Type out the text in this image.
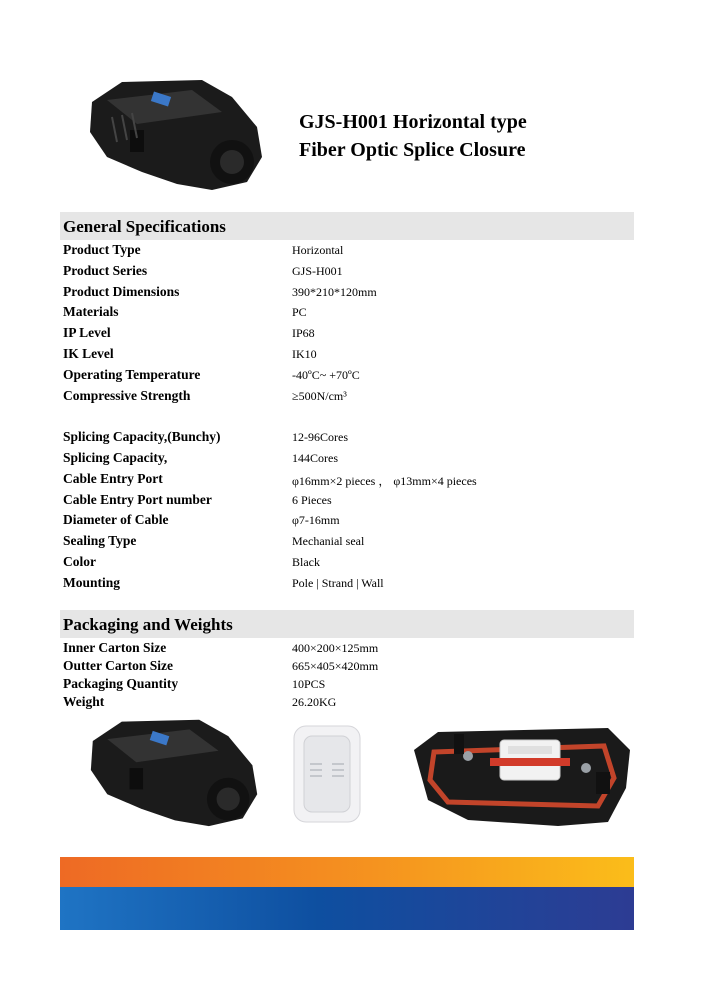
GJS-H001 Horizontal type
Fiber Optic Splice Closure
General Specifications
Product Type	Horizontal
Product Series	GJS-H001
Product Dimensions	390*210*120mm
Materials	PC
IP Level	IP68
IK Level	IK10
Operating Temperature	-40ºC~ +70ºC
Compressive Strength	≥500N/cm³
Splicing Capacity,(Bunchy)	12-96Cores
Splicing Capacity,	144Cores
Cable Entry Port	φ16mm×2 pieces ， φ13mm×4 pieces
Cable Entry Port number	6 Pieces
Diameter of Cable	φ7-16mm
Sealing Type	Mechanial seal
Color	Black
Mounting	Pole | Strand | Wall
Packaging and Weights
Inner Carton Size	400×200×125mm
Outter Carton Size	665×405×420mm
Packaging Quantity	10PCS
Weight	26.20KG
